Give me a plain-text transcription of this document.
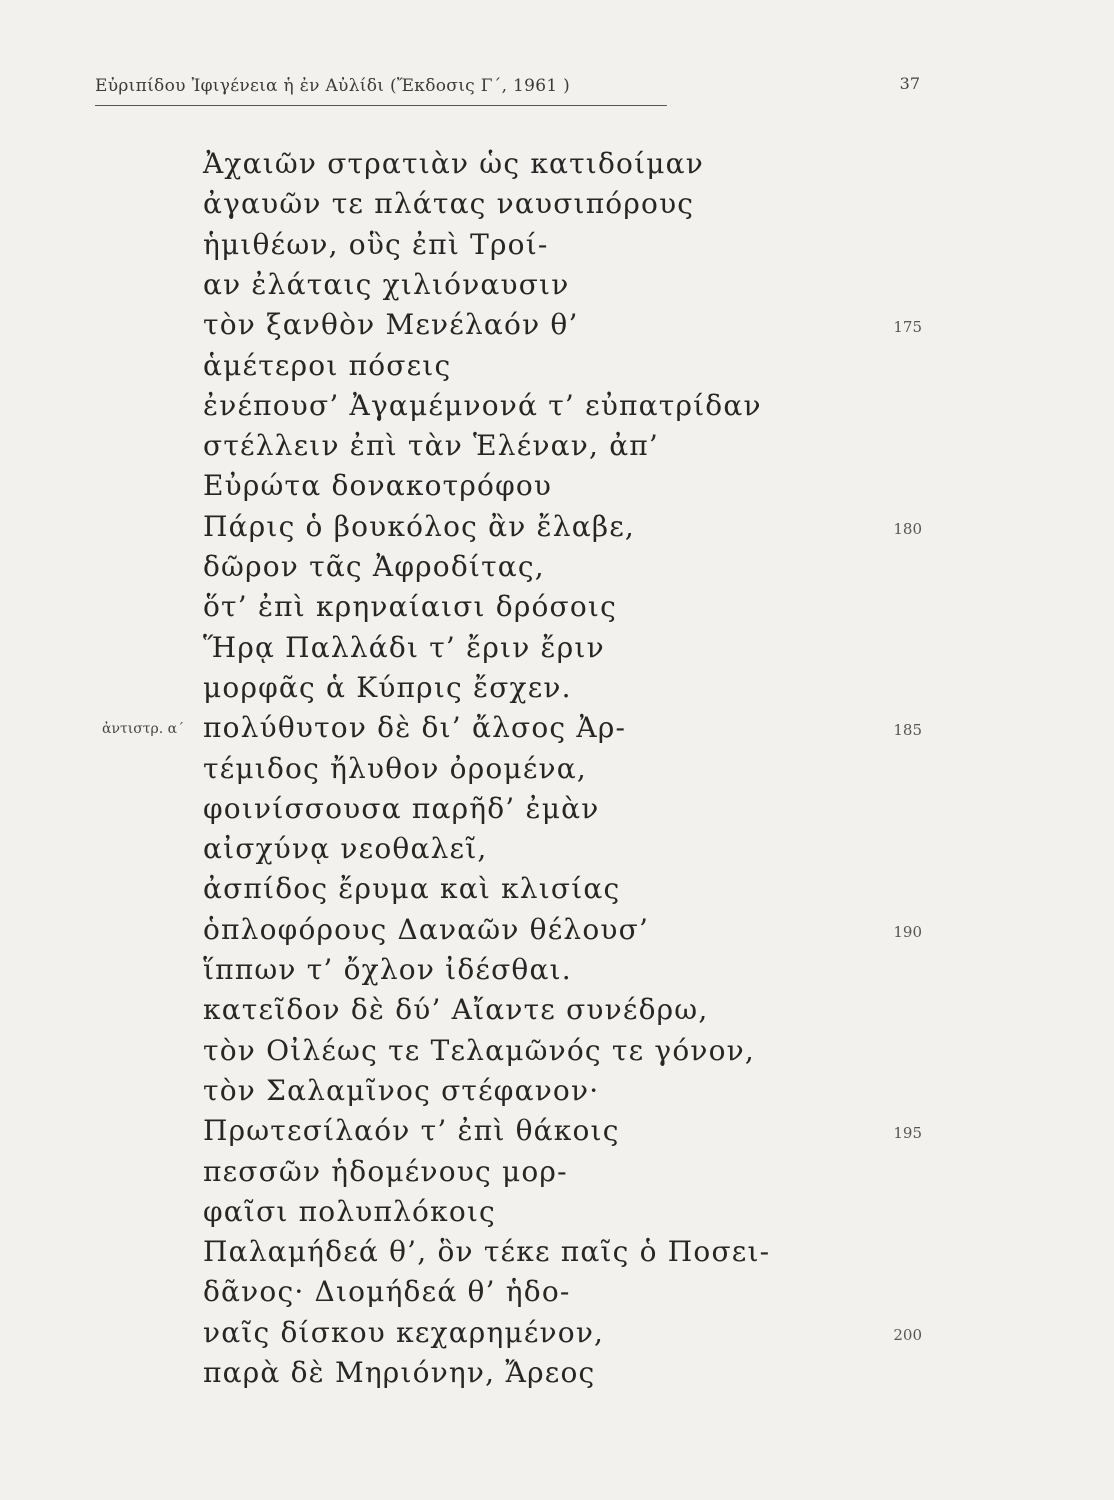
Εὐριπίδου Ἰφιγένεια ἡ ἐν Αὐλίδι (Ἔκδοσις Γ΄, 1961 )	37
Ἀχαιῶν στρατιὰν ὡς κατιδοίμαν
ἀγαυῶν τε πλάτας ναυσιπόρους
ἡμιθέων, οὓς ἐπὶ Τροί-
αν ἐλάταις χιλιόναυσιν
τὸν ξανθὸν Μενέλαόν θ’	175
ἁμέτεροι πόσεις
ἐνέπουσ’ Ἀγαμέμνονά τ’ εὐπατρίδαν
στέλλειν ἐπὶ τὰν Ἑλέναν, ἀπ’
Εὐρώτα δονακοτρόφου
Πάρις ὁ βουκόλος ἂν ἔλαβε,	180
δῶρον τᾶς Ἀφροδίτας,
ὅτ’ ἐπὶ κρηναίαισι δρόσοις
Ἥρᾳ Παλλάδι τ’ ἔριν ἔριν
μορφᾶς ἁ Κύπρις ἔσχεν.
ἀντιστρ. α΄ πολύθυτον δὲ δι’ ἄλσος Ἀρ-	185
τέμιδος ἤλυθον ὀρομένα,
φοινίσσουσα παρῆδ’ ἐμὰν
αἰσχύνᾳ νεοθαλεῖ,
ἀσπίδος ἔρυμα καὶ κλισίας
ὁπλοφόρους Δαναῶν θέλουσ’	190
ἵππων τ’ ὄχλον ἰδέσθαι.
κατεῖδον δὲ δύ’ Αἴαντε συνέδρω,
τὸν Οἰλέως τε Τελαμῶνός τε γόνον,
τὸν Σαλαμῖνος στέφανον·
Πρωτεσίλαόν τ’ ἐπὶ θάκοις	195
πεσσῶν ἡδομένους μορ-
φαῖσι πολυπλόκοις
Παλαμήδεά θ’, ὃν τέκε παῖς ὁ Ποσει-
δᾶνος· Διομήδεά θ’ ἡδο-
ναῖς δίσκου κεχαρημένον,	200
παρὰ δὲ Μηριόνην, Ἄρεος
